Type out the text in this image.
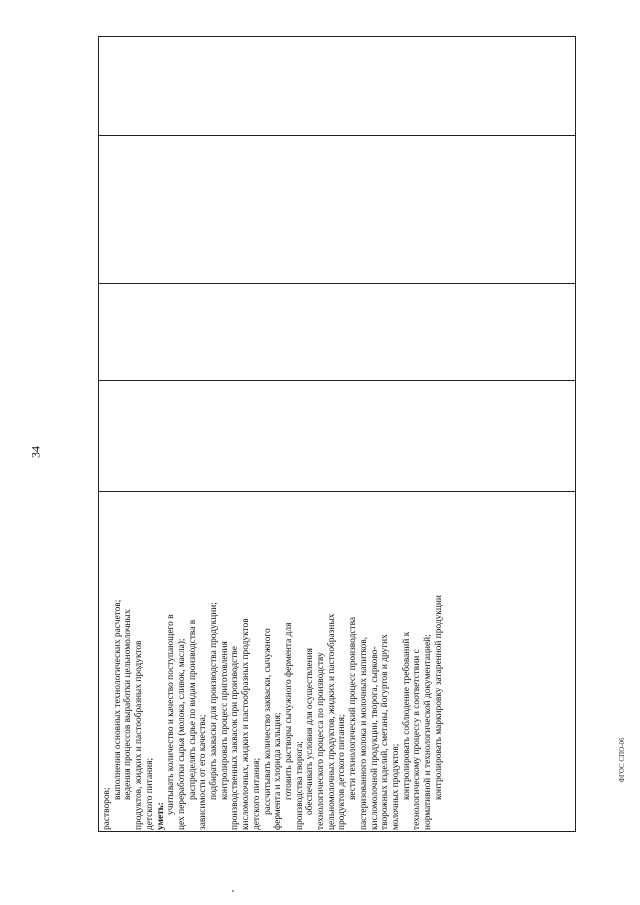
34
растворов;
выполнения основных технологических расчетов; ведения процессов выработки цельномолочных продуктов, жидких и пастообразных продуктов детского питания; уметь:
учитывать количество и качество поступающего в цех переработки сырья (молока, сливок, масла); распределять сырье по видам производства в зависимости от его качества; подбирать закваски для производства продукции; контролировать процесс приготовления производственных заквасок при производстве кисломолочных, жидких и пастообразных продуктов детского питания; рассчитывать количество закваски, сычужного фермента и хлорида кальция; готовить растворы сычужного фермента для производства творога; обеспечивать условия для осуществления технологического процесса по производству цельномолочных продуктов, жидких и пастообразных продуктов детского питания; вести технологический процесс производства пастеризованного молока и молочных напитков, кисломолочной продукции, творога, сырково- творожных изделий, сметаны, йогуртов и других молочных продуктов; контролировать соблюдение требований к технологическому процессу в соответствии с нормативной и технологической документацией; контролировать маркировку затаренной продукции	ФГОС СПО-06
